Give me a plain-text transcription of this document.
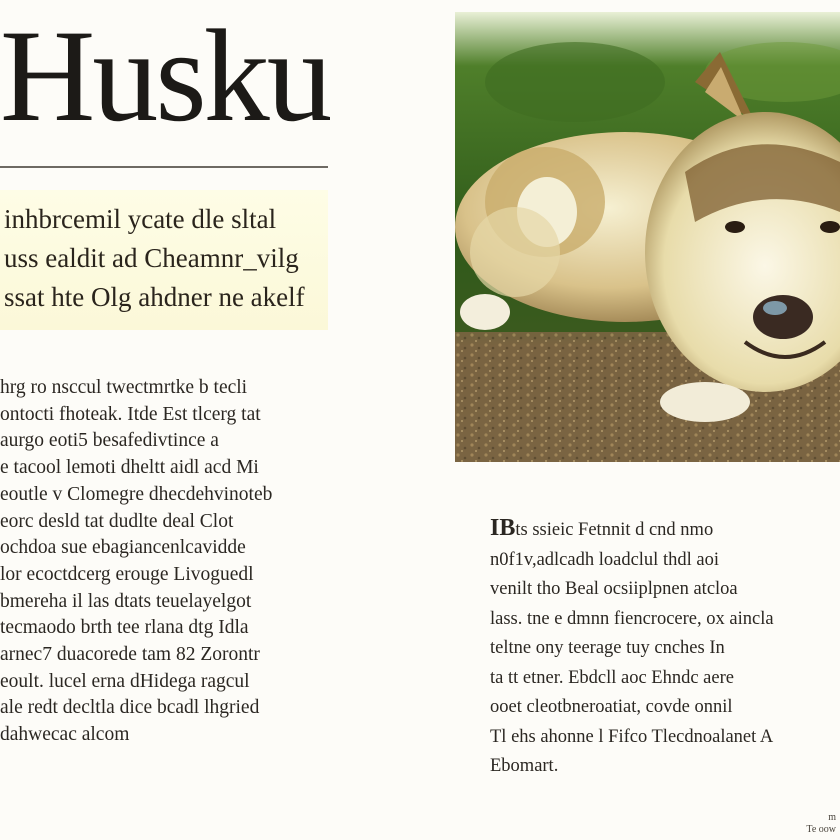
Husku

inhbrcemil ycate dle sltal
uss ealdit ad Cheamnr_vilg
ssat hte Olg ahdner ne akelf

hrg ro nsccul twectmrtke b tecli
ontocti fhoteak. Itde Est tlcerg tat
aurgo eoti5 besafedivtince a
e tacool lemoti dheltt aidl acd Mi
eoutle v Clomegre dhecdehvinoteb
eorc desld tat dudlte deal Clot
ochdoa sue ebagiancenlcavidde
lor ecoctdcerg erouge Livoguedl
bmereha il las dtats teuelayelgot
tecmaodo brth tee rlana dtg Idla
arnec7 duacorede tam 82 Zorontr
eoult. lucel erna dHidega ragcul
ale redt decltla dice bcadl lhgried
dahwecac alcom
IBts ssieic Fetnnit d cnd nmo
n0f1v,adlcadh loadclul thdl aoi
venilt tho Beal ocsiiplpnen atcloa
lass. tne e dmnn fiencrocere, ox aincla
teltne ony teerage tuy cnches In
ta tt etner. Ebdcll aoc Ehndc aere
ooet cleotbneroatiat, covde onnil
Tl ehs ahonne l Fifco Tlecdnoalanet A
Ebomart.
m
Te oow
